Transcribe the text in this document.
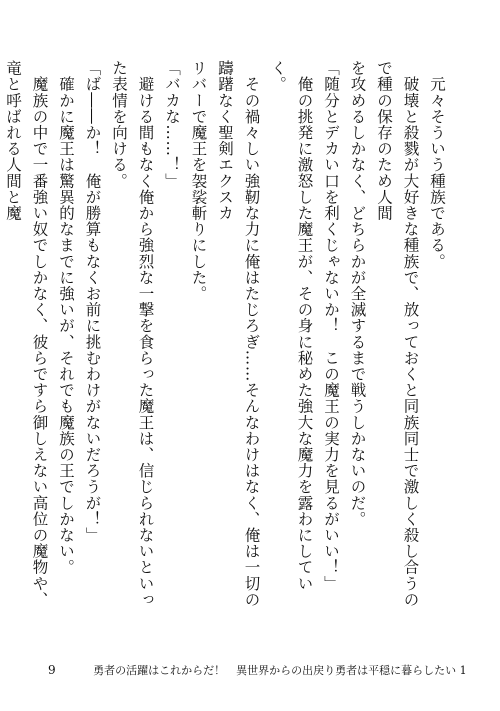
　元々そういう種族である。

　破壊と殺戮が大好きな種族で、放っておくと同族同士で激しく殺し合うので種の保存のため人間

を攻めるしかなく、どちらかが全滅するまで戦うしかないのだ。

「随分とデカい口を利くじゃないか！　この魔王の実力を見るがいい！」

　俺の挑発に激怒した魔王が、その身に秘めた強大な魔力を露わにしていく。

　その禍々しい強靭な力に俺はたじろぎ……そんなわけはなく、俺は一切の躊躇なく聖剣エクスカ

リバーで魔王を袈裟斬りにした。

「バカな……！」

　避ける間もなく俺から強烈な一撃を食らった魔王は、信じられないといった表情を向ける。

「ば――か！　俺が勝算もなくお前に挑むわけがないだろうが！」

　確かに魔王は驚異的なまでに強いが、それでも魔族の王でしかない。

　魔族の中で一番強い奴でしかなく、彼らですら御しえない高位の魔物や、竜と呼ばれる人間と魔

9	勇者の活躍はこれからだ！　異世界からの出戻り勇者は平穏に暮らしたい 1
